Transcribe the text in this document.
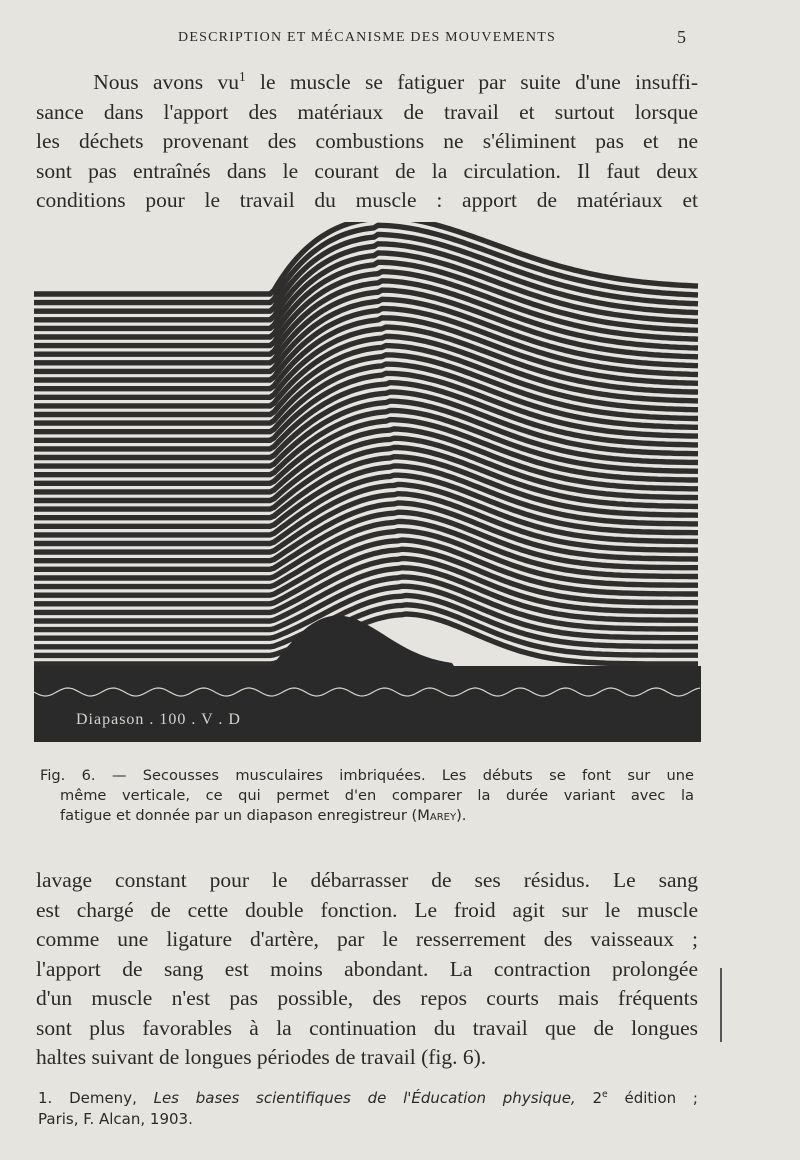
DESCRIPTION ET MÉCANISME DES MOUVEMENTS	5
Nous avons $vu^1$ le muscle se fatiguer par suite d'une insuffi-
sance dans l'apport des matériaux de travail et surtout lorsque
les déchets provenant des combustions ne s'éliminent pas et ne
sont pas entraînés dans le courant de la circulation. Il faut deux
conditions pour le travail du muscle : apport de matériaux et
Diapason . 100 . V . D
Fig. 6. — Secousses musculaires imbriquées. Les débuts se font sur une
même verticale, ce qui permet d'en comparer la durée variant avec la
fatigue et donnée par un diapason enregistreur (Marey).
lavage constant pour le débarrasser de ses résidus. Le sang
est chargé de cette double fonction. Le froid agit sur le muscle
comme une ligature d'artère, par le resserrement des vaisseaux ;
l'apport de sang est moins abondant. La contraction prolongée
d'un muscle n'est pas possible, des repos courts mais fréquents
sont plus favorables à la continuation du travail que de longues
haltes suivant de longues périodes de travail (fig. 6).
1. Demeny, Les bases scientifiques de l'Éducation physique, 2e édition ;
Paris, F. Alcan, 1903.
